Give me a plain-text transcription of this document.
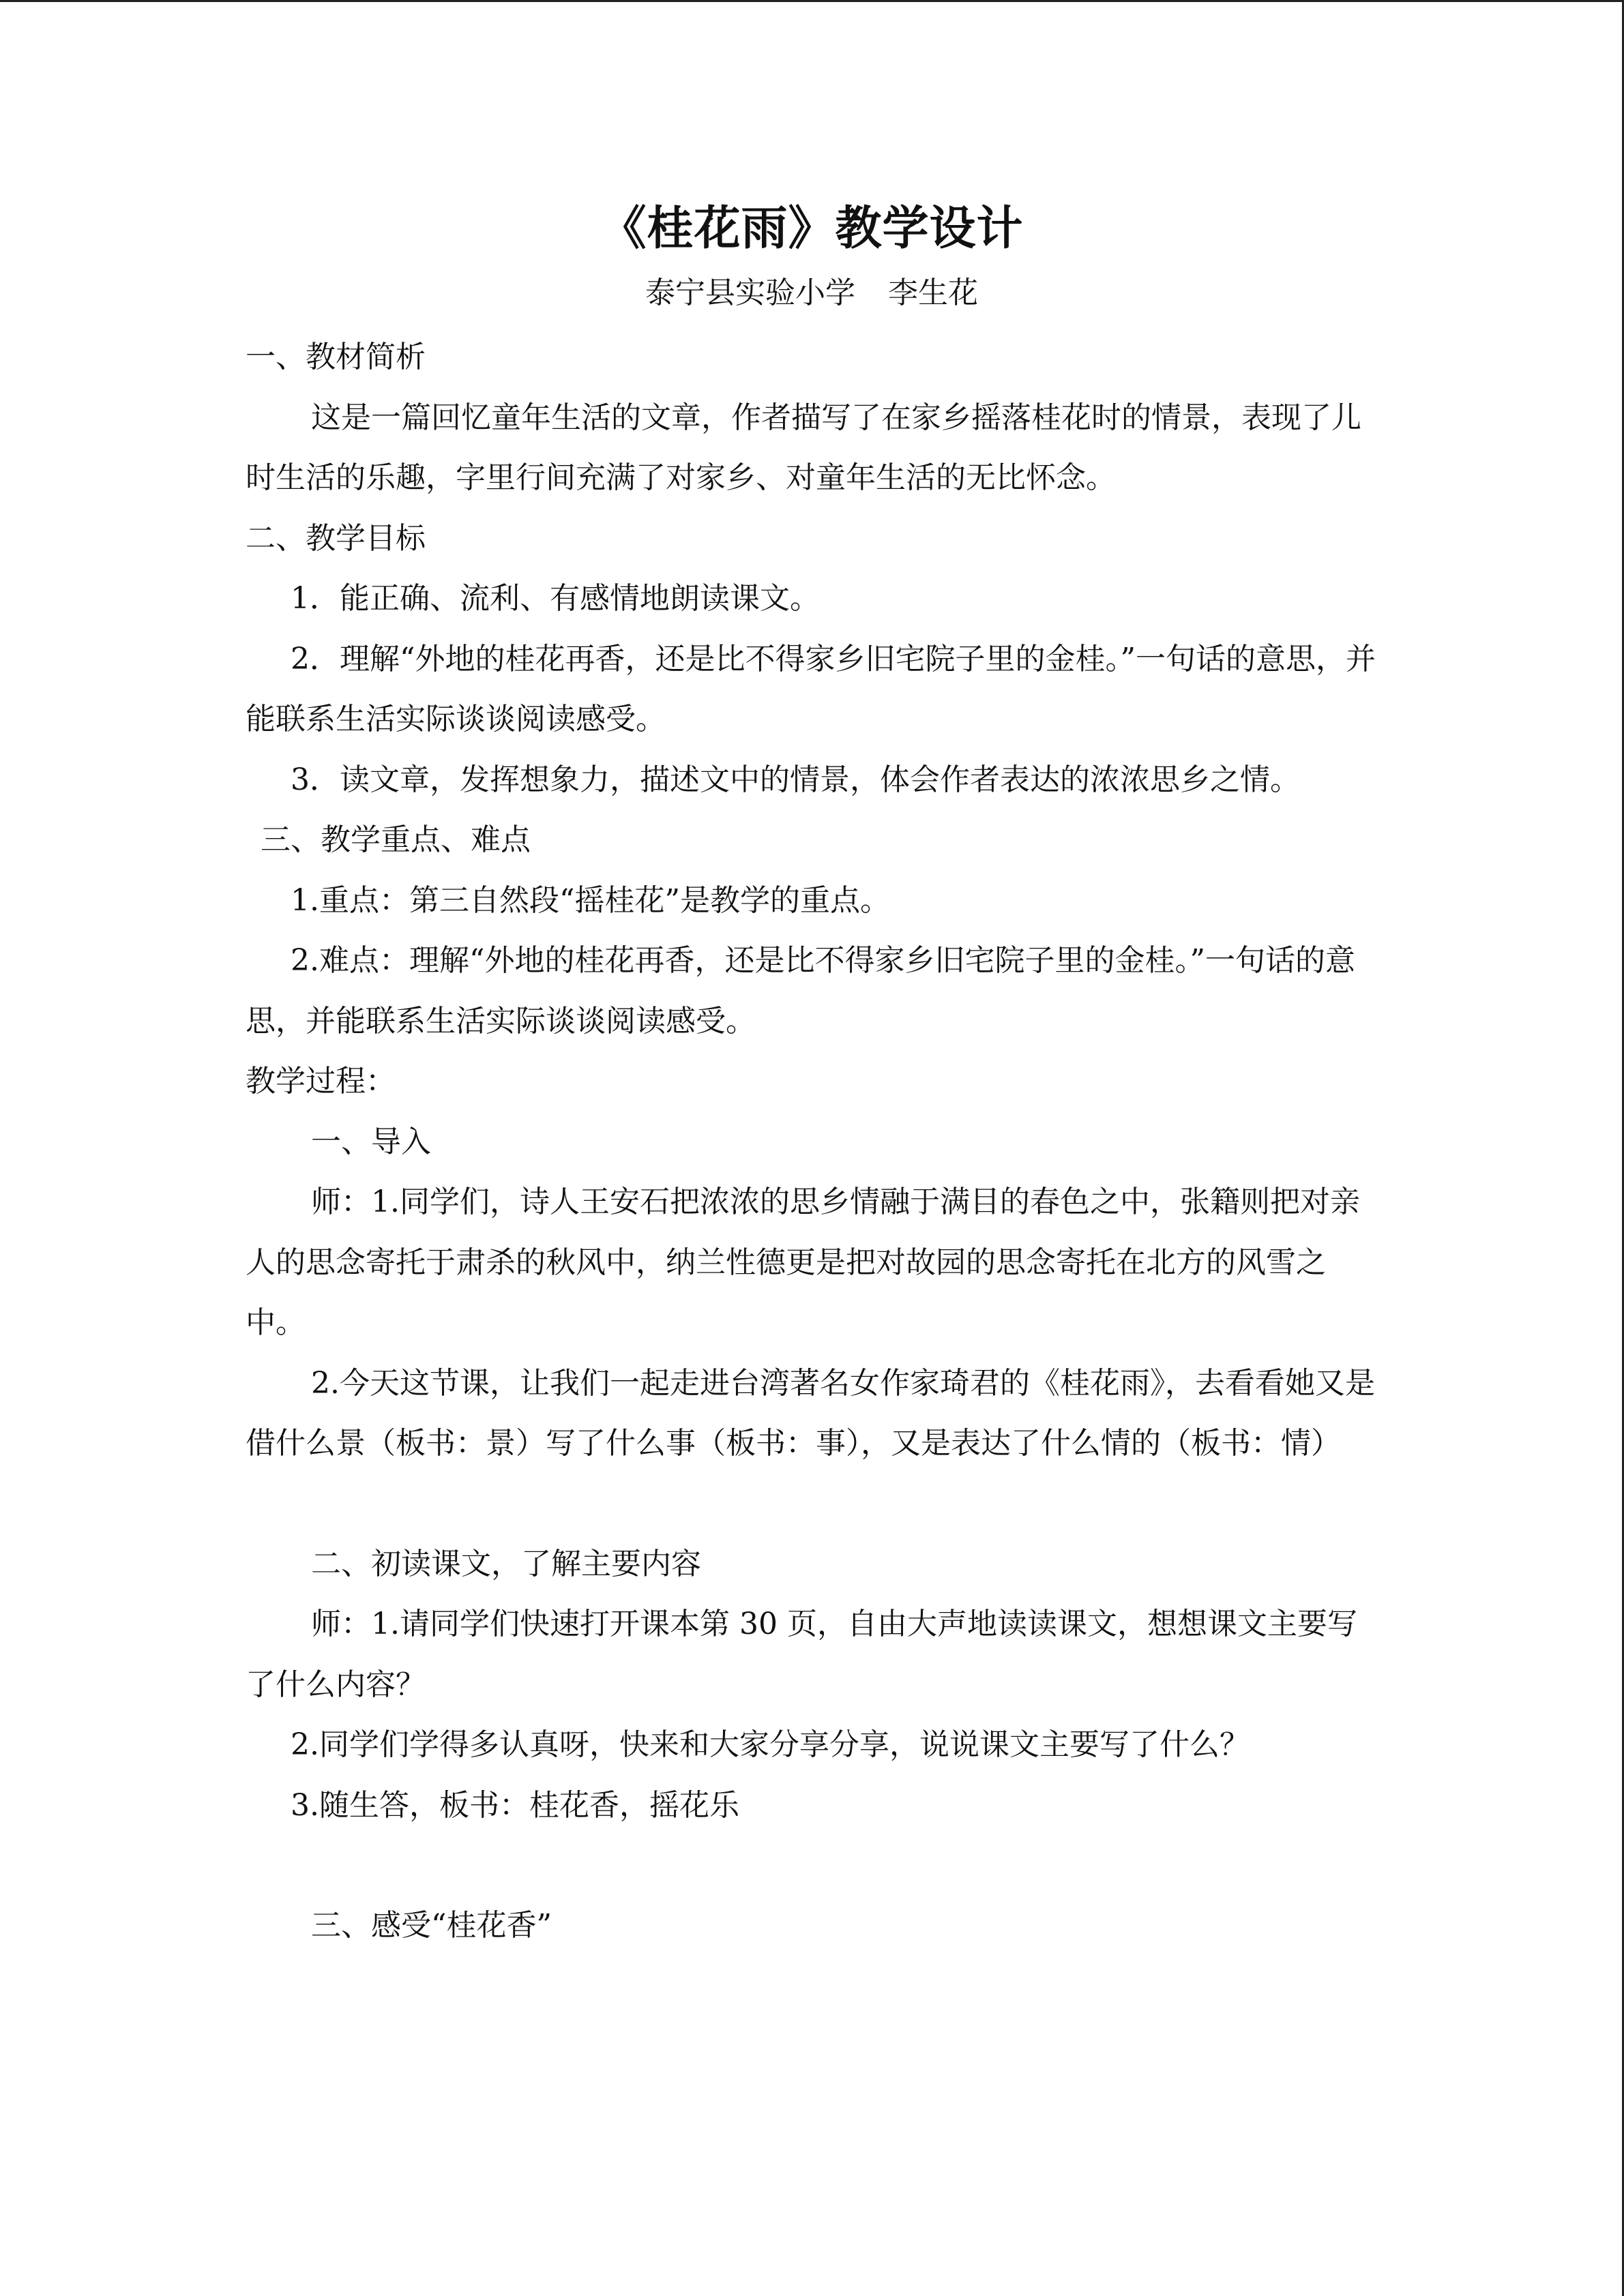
《桂花雨》教学设计

泰宁县实验小学 李生花

一、教材简析

这是一篇回忆童年生活的文章，作者描写了在家乡摇落桂花时的情景，表现了儿时生活的乐趣，字里行间充满了对家乡、对童年生活的无比怀念。

二、教学目标

1．能正确、流利、有感情地朗读课文。

2．理解“外地的桂花再香，还是比不得家乡旧宅院子里的金桂。”一句话的意思，并能联系生活实际谈谈阅读感受。

3．读文章，发挥想象力，描述文中的情景，体会作者表达的浓浓思乡之情。

三、教学重点、难点

1.重点：第三自然段“摇桂花”是教学的重点。

2.难点：理解“外地的桂花再香，还是比不得家乡旧宅院子里的金桂。”一句话的意思，并能联系生活实际谈谈阅读感受。

教学过程：

一、导入

师：1.同学们，诗人王安石把浓浓的思乡情融于满目的春色之中，张籍则把对亲人的思念寄托于肃杀的秋风中，纳兰性德更是把对故园的思念寄托在北方的风雪之中。

2.今天这节课，让我们一起走进台湾著名女作家琦君的《桂花雨》，去看看她又是借什么景（板书：景）写了什么事（板书：事），又是表达了什么情的（板书：情）

二、初读课文，了解主要内容

师：1.请同学们快速打开课本第 30 页，自由大声地读读课文，想想课文主要写了什么内容？

2.同学们学得多认真呀，快来和大家分享分享，说说课文主要写了什么？

3.随生答，板书：桂花香，摇花乐

三、感受“桂花香”
